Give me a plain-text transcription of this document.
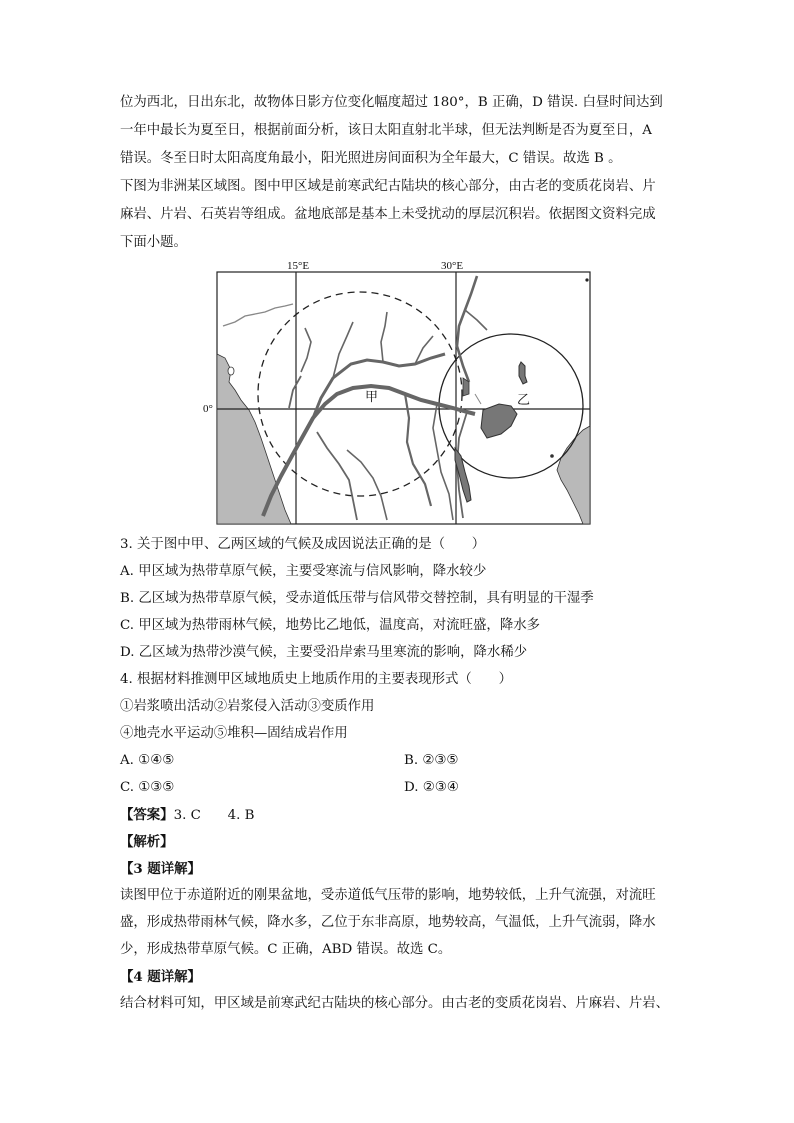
位为西北，日出东北，故物体日影方位变化幅度超过 180°，B 正确，D 错误. 白昼时间达到
一年中最长为夏至日，根据前面分析，该日太阳直射北半球，但无法判断是否为夏至日，A
错误。冬至日时太阳高度角最小，阳光照进房间面积为全年最大，C 错误。故选 B 。
下图为非洲某区域图。图中甲区域是前寒武纪古陆块的核心部分，由古老的变质花岗岩、片
麻岩、片岩、石英岩等组成。盆地底部是基本上未受扰动的厚层沉积岩。依据图文资料完成
下面小题。
15°E	30°E
0°
甲	乙
3. 关于图中甲、乙两区域的气候及成因说法正确的是（　　）
A. 甲区域为热带草原气候，主要受寒流与信风影响，降水较少
B. 乙区域为热带草原气候，受赤道低压带与信风带交替控制，具有明显的干湿季
C. 甲区域为热带雨林气候，地势比乙地低，温度高，对流旺盛，降水多
D. 乙区域为热带沙漠气候，主要受沿岸索马里寒流的影响，降水稀少
4. 根据材料推测甲区域地质史上地质作用的主要表现形式（　　）
①岩浆喷出活动②岩浆侵入活动③变质作用
④地壳水平运动⑤堆积—固结成岩作用
A. ①④⑤	B. ②③⑤
C. ①③⑤	D. ②③④
【答案】3. C　　4. B
【解析】
【3 题详解】
读图甲位于赤道附近的刚果盆地，受赤道低气压带的影响，地势较低，上升气流强，对流旺
盛，形成热带雨林气候，降水多，乙位于东非高原，地势较高，气温低，上升气流弱，降水
少，形成热带草原气候。C 正确，ABD 错误。故选 C。
【4 题详解】
结合材料可知，甲区域是前寒武纪古陆块的核心部分。由古老的变质花岗岩、片麻岩、片岩、
